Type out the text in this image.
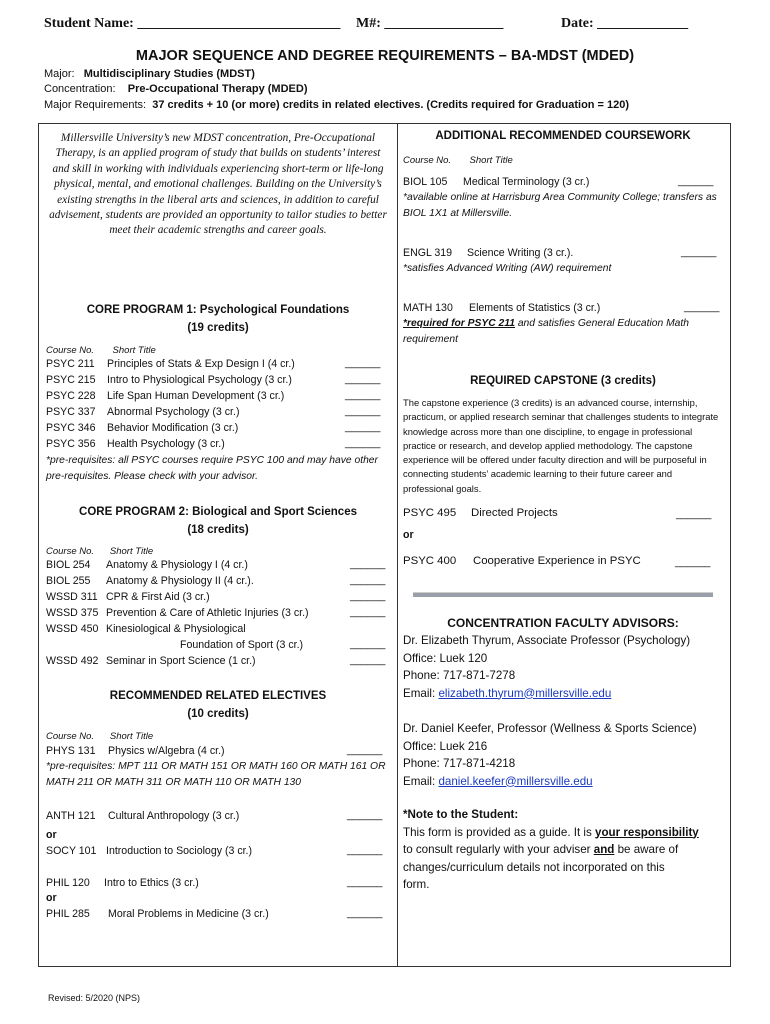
Student Name: _____________________________ M#: _________________	Date: _____________
MAJOR SEQUENCE AND DEGREE REQUIREMENTS – BA-MDST (MDED)
Major: Multidisciplinary Studies (MDST)
Concentration: Pre-Occupational Therapy (MDED)
Major Requirements: 37 credits + 10 (or more) credits in related electives. (Credits required for Graduation = 120)
Millersville University’s new MDST concentration, Pre-Occupational Therapy, is an applied program of study that builds on students’ interest and skill in working with individuals experiencing short-term or life-long physical, mental, and emotional challenges. Building on the University’s existing strengths in the liberal arts and sciences, in addition to careful advisement, students are provided an opportunity to tailor studies to better meet their academic strengths and career goals.
CORE PROGRAM 1: Psychological Foundations
(19 credits)
Course No. Short Title
PSYC 211 Principles of Stats & Exp Design I (4 cr.)	______
PSYC 215 Intro to Physiological Psychology (3 cr.)	______
PSYC 228 Life Span Human Development (3 cr.)	______
PSYC 337 Abnormal Psychology (3 cr.)	______
PSYC 346 Behavior Modification (3 cr.)	______
PSYC 356 Health Psychology (3 cr.)	______
*pre-requisites: all PSYC courses require PSYC 100 and may have other pre-requisites. Please check with your advisor.
CORE PROGRAM 2: Biological and Sport Sciences
(18 credits)
Course No. Short Title
BIOL 254 Anatomy & Physiology I (4 cr.)	______
BIOL 255 Anatomy & Physiology II (4 cr.).	______
WSSD 311 CPR & First Aid (3 cr.)	______
WSSD 375 Prevention & Care of Athletic Injuries (3 cr.)	______
WSSD 450 Kinesiological & Physiological
Foundation of Sport (3 cr.)	______
WSSD 492 Seminar in Sport Science (1 cr.)	______
RECOMMENDED RELATED ELECTIVES
(10 credits)
Course No. Short Title
PHYS 131 Physics w/Algebra (4 cr.)	______
*pre-requisites: MPT 111 OR MATH 151 OR MATH 160 OR MATH 161 OR MATH 211 OR MATH 311 OR MATH 110 OR MATH 130
ANTH 121 Cultural Anthropology (3 cr.)	______
or
SOCY 101 Introduction to Sociology (3 cr.)	______
PHIL 120 Intro to Ethics (3 cr.)	______
or
PHIL 285 Moral Problems in Medicine (3 cr.)	______
ADDITIONAL RECOMMENDED COURSEWORK
Course No. Short Title
BIOL 105 Medical Terminology (3 cr.)	______
*available online at Harrisburg Area Community College; transfers as BIOL 1X1 at Millersville.
ENGL 319 Science Writing (3 cr.).	______
*satisfies Advanced Writing (AW) requirement
MATH 130 Elements of Statistics (3 cr.)	______
*required for PSYC 211 and satisfies General Education Math requirement
REQUIRED CAPSTONE (3 credits)
The capstone experience (3 credits) is an advanced course, internship, practicum, or applied research seminar that challenges students to integrate knowledge across more than one discipline, to engage in professional practice or research, and develop applied methodology. The capstone experience will be offered under faculty direction and will be purposeful in connecting students’ academic learning to their future career and professional goals.
PSYC 495 Directed Projects	______
or
PSYC 400 Cooperative Experience in PSYC	______
CONCENTRATION FACULTY ADVISORS:
Dr. Elizabeth Thyrum, Associate Professor (Psychology)
Office: Luek 120
Phone: 717-871-7278
Email: elizabeth.thyrum@millersville.edu
Dr. Daniel Keefer, Professor (Wellness & Sports Science)
Office: Luek 216
Phone: 717-871-4218
Email: daniel.keefer@millersville.edu
*Note to the Student:
This form is provided as a guide. It is your responsibility
to consult regularly with your adviser and be aware of
changes/curriculum details not incorporated on this
form.
Revised: 5/2020 (NPS)
